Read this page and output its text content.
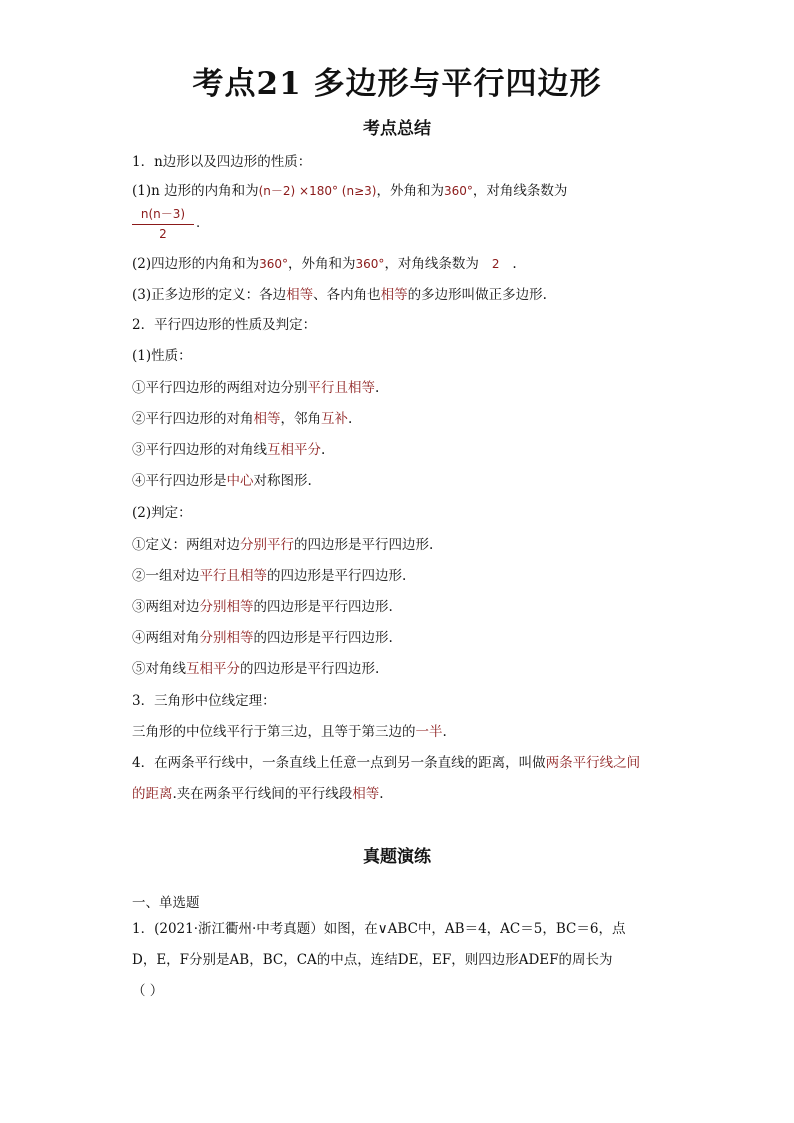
考点21 多边形与平行四边形
考点总结
1．n边形以及四边形的性质：
(1)n 边形的内角和为(n－2) ×180° (n≥3)，外角和为360°，对角线条数为
$\frac{n(n-3)}{2}$ .
(2)四边形的内角和为360°，外角和为360°，对角线条数为 2 .
(3)正多边形的定义：各边相等、各内角也相等的多边形叫做正多边形.
2．平行四边形的性质及判定：
(1)性质：
①平行四边形的两组对边分别平行且相等.
②平行四边形的对角相等，邻角互补.
③平行四边形的对角线互相平分.
④平行四边形是中心对称图形.
(2)判定：
①定义：两组对边分别平行的四边形是平行四边形.
②一组对边平行且相等的四边形是平行四边形.
③两组对边分别相等的四边形是平行四边形.
④两组对角分别相等的四边形是平行四边形.
⑤对角线互相平分的四边形是平行四边形.
3．三角形中位线定理：
三角形的中位线平行于第三边，且等于第三边的一半.
4．在两条平行线中，一条直线上任意一点到另一条直线的距离，叫做两条平行线之间
的距离.夹在两条平行线间的平行线段相等.
真题演练
一、单选题
1．(2021·浙江衢州·中考真题）如图，在∨ABC中，AB＝4，AC＝5，BC＝6，点
D，E，F分别是AB，BC，CA的中点，连结DE，EF，则四边形ADEF的周长为
（ ）
